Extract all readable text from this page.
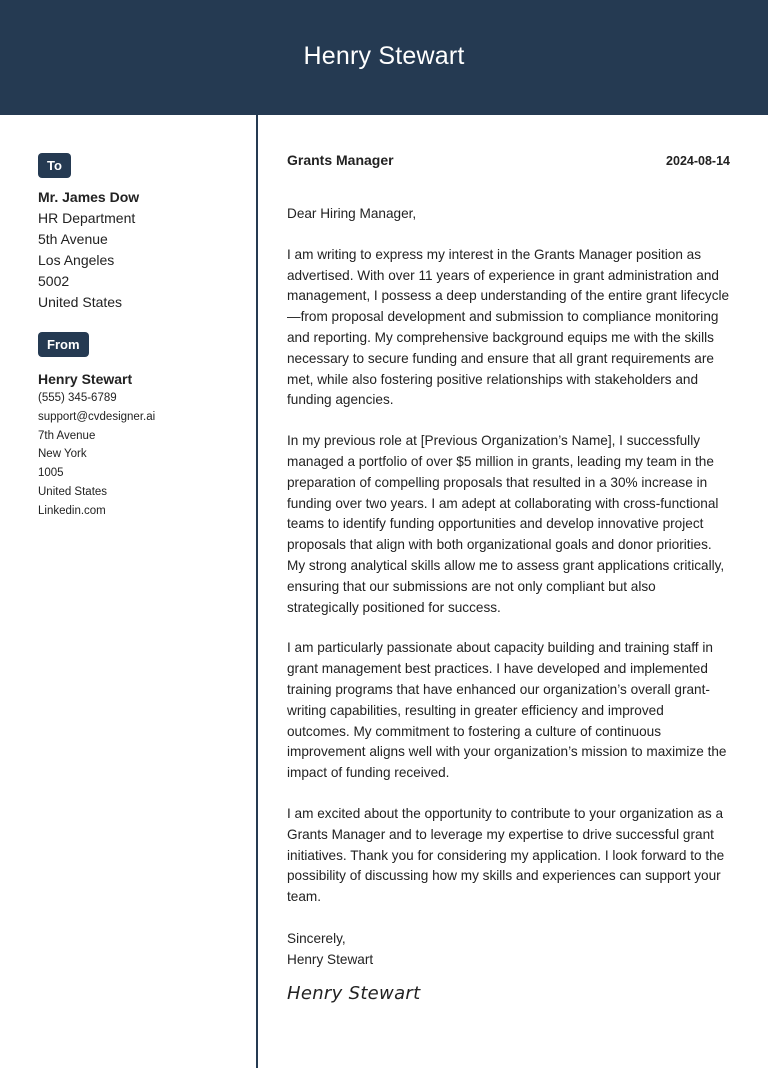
Henry Stewart
To
Mr. James Dow
HR Department
5th Avenue
Los Angeles
5002
United States
From
Henry Stewart
(555) 345-6789
support@cvdesigner.ai
7th Avenue
New York
1005
United States
Linkedin.com
Grants Manager	2024-08-14
Dear Hiring Manager,
I am writing to express my interest in the Grants Manager position as advertised. With over 11 years of experience in grant administration and management, I possess a deep understanding of the entire grant lifecycle—from proposal development and submission to compliance monitoring and reporting. My comprehensive background equips me with the skills necessary to secure funding and ensure that all grant requirements are met, while also fostering positive relationships with stakeholders and funding agencies.
In my previous role at [Previous Organization’s Name], I successfully managed a portfolio of over $5 million in grants, leading my team in the preparation of compelling proposals that resulted in a 30% increase in funding over two years. I am adept at collaborating with cross-functional teams to identify funding opportunities and develop innovative project proposals that align with both organizational goals and donor priorities. My strong analytical skills allow me to assess grant applications critically, ensuring that our submissions are not only compliant but also strategically positioned for success.
I am particularly passionate about capacity building and training staff in grant management best practices. I have developed and implemented training programs that have enhanced our organization’s overall grant-writing capabilities, resulting in greater efficiency and improved outcomes. My commitment to fostering a culture of continuous improvement aligns well with your organization’s mission to maximize the impact of funding received.
I am excited about the opportunity to contribute to your organization as a Grants Manager and to leverage my expertise to drive successful grant initiatives. Thank you for considering my application. I look forward to the possibility of discussing how my skills and experiences can support your team.
Sincerely,
Henry Stewart
Henry Stewart
